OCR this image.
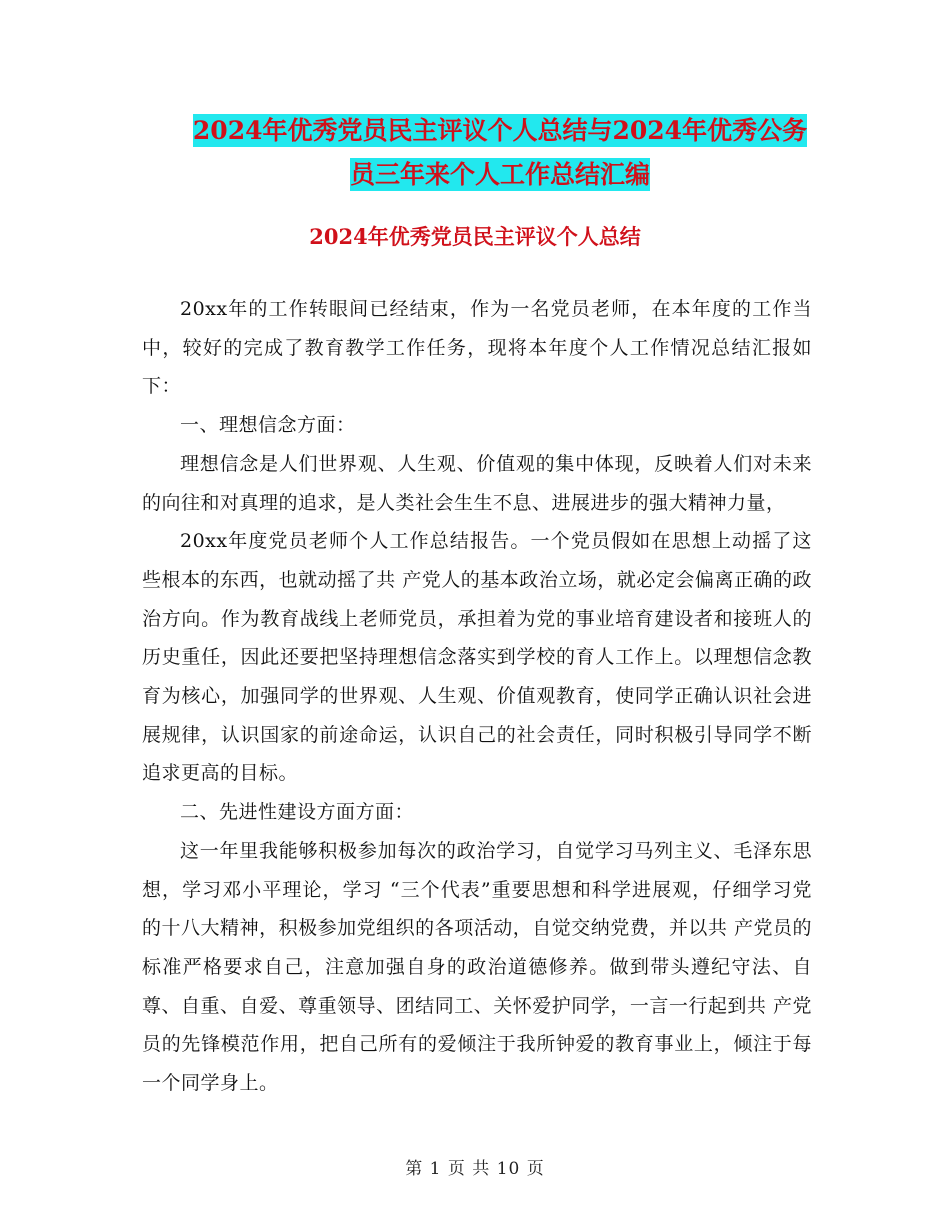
2024年优秀党员民主评议个人总结与2024年优秀公务
员三年来个人工作总结汇编
2024年优秀党员民主评议个人总结

20xx年的工作转眼间已经结束，作为一名党员老师，在本年度的工作当中，较好的完成了教育教学工作任务，现将本年度个人工作情况总结汇报如下：

一、理想信念方面：

理想信念是人们世界观、人生观、价值观的集中体现，反映着人们对未来的向往和对真理的追求，是人类社会生生不息、进展进步的强大精神力量，

20xx年度党员老师个人工作总结报告。一个党员假如在思想上动摇了这些根本的东西，也就动摇了共 产党人的基本政治立场，就必定会偏离正确的政治方向。作为教育战线上老师党员，承担着为党的事业培育建设者和接班人的历史重任，因此还要把坚持理想信念落实到学校的育人工作上。以理想信念教育为核心，加强同学的世界观、人生观、价值观教育，使同学正确认识社会进展规律，认识国家的前途命运，认识自己的社会责任，同时积极引导同学不断追求更高的目标。

二、先进性建设方面方面：

这一年里我能够积极参加每次的政治学习，自觉学习马列主义、毛泽东思想，学习邓小平理论，学习 “三个代表”重要思想和科学进展观，仔细学习党的十八大精神，积极参加党组织的各项活动，自觉交纳党费，并以共 产党员的标准严格要求自己，注意加强自身的政治道德修养。做到带头遵纪守法、自尊、自重、自爱、尊重领导、团结同工、关怀爱护同学，一言一行起到共 产党员的先锋模范作用，把自己所有的爱倾注于我所钟爱的教育事业上，倾注于每一个同学身上。

第 1 页 共 10 页
